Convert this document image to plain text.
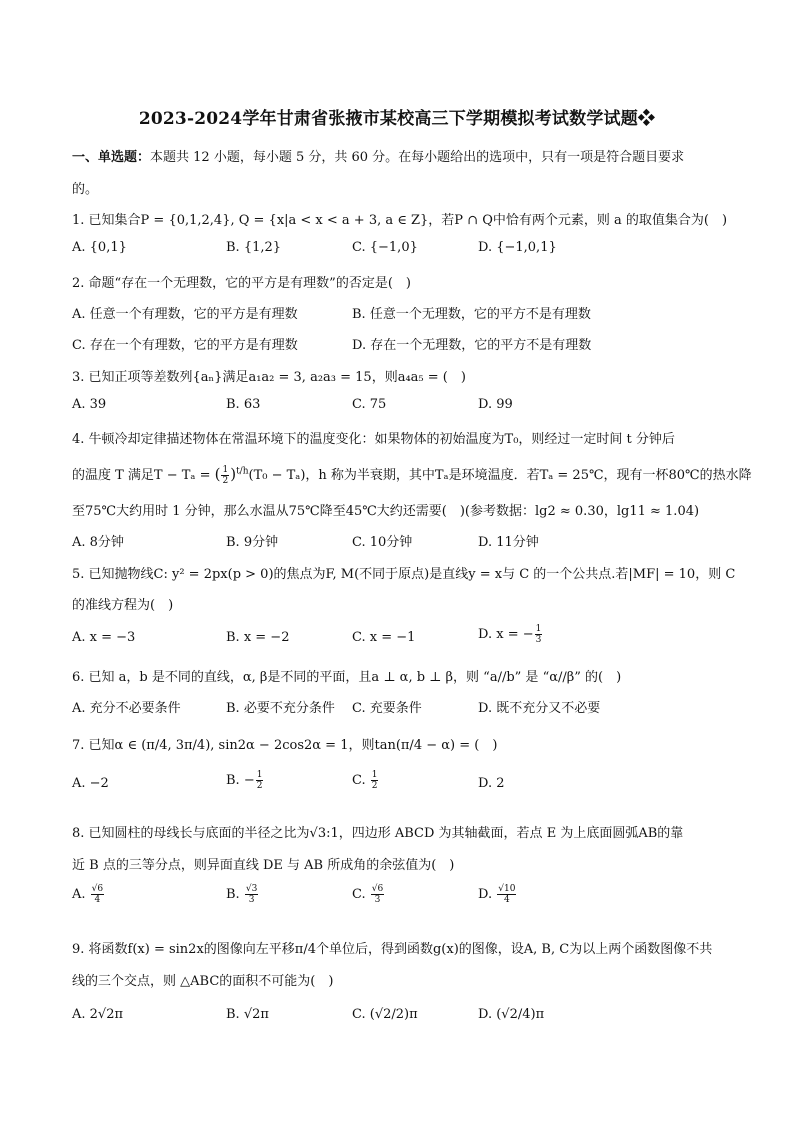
2023-2024学年甘肃省张掖市某校高三下学期模拟考试数学试题❖
一、单选题：本题共 12 小题，每小题 5 分，共 60 分。在每小题给出的选项中，只有一项是符合题目要求
的。
1. 已知集合P = {0,1,2,4}, Q = {x|a < x < a + 3, a ∈ Z}，若P ∩ Q中恰有两个元素，则 a 的取值集合为(　)
A. {0,1}	B. {1,2}	C. {−1,0}	D. {−1,0,1}
2. 命题“存在一个无理数，它的平方是有理数”的否定是(　)
A. 任意一个有理数，它的平方是有理数	B. 任意一个无理数，它的平方不是有理数
C. 存在一个有理数，它的平方是有理数	D. 存在一个无理数，它的平方不是有理数
3. 已知正项等差数列{aₙ}满足a₁a₂ = 3, a₂a₃ = 15，则a₄a₅ = (　)
A. 39	B. 63	C. 75	D. 99
4. 牛顿冷却定律描述物体在常温环境下的温度变化：如果物体的初始温度为T₀，则经过一定时间 t 分钟后
的温度 T 满足T − Tₐ = ( $\frac{1}{2} )^{t/h}(T_0 - T_a)$，h 称为半衰期，其中Tₐ是环境温度．若Tₐ = 25℃，现有一杯80℃的热水降
至75℃大约用时 1 分钟，那么水温从75℃降至45℃大约还需要(　)(参考数据：lg2 ≈ 0.30，lg11 ≈ 1.04)
A. 8分钟	B. 9分钟	C. 10分钟	D. 11分钟
5. 已知抛物线C: y² = 2px(p > 0)的焦点为F, M(不同于原点)是直线y = x与 C 的一个公共点.若|MF| = 10，则 C
的准线方程为(　)
A. x = −3	B. x = −2	C. x = −1	D. x = − $\frac{1}{3}$
6. 已知 a，b 是不同的直线，α, β是不同的平面，且a ⊥ α, b ⊥ β，则 “a//b” 是 “α//β” 的(　)
A. 充分不必要条件	B. 必要不充分条件 C. 充要条件	D. 既不充分又不必要
7. 已知α ∈ (π/4, 3π/4), sin2α − 2cos2α = 1，则tan(π/4 − α) = (　)
A. −2	B. − $\frac{1}{2}$	C. $\frac{1}{2}$	D. 2
8. 已知圆柱的母线长与底面的半径之比为√3:1，四边形 ABCD 为其轴截面，若点 E 为上底面圆弧AB的靠
近 B 点的三等分点，则异面直线 DE 与 AB 所成角的余弦值为(　)
A. $\frac{√6}{4}$	B. $\frac{√3}{3}$	C. $\frac{√6}{3}$	D. $\frac{√10}{4}$
9. 将函数f(x) = sin2x的图像向左平移π/4个单位后，得到函数g(x)的图像，设A, B, C为以上两个函数图像不共
线的三个交点，则 △ABC的面积不可能为(　)
A. 2√2π	B. √2π	C. (√2/2)π	D. (√2/4)π
